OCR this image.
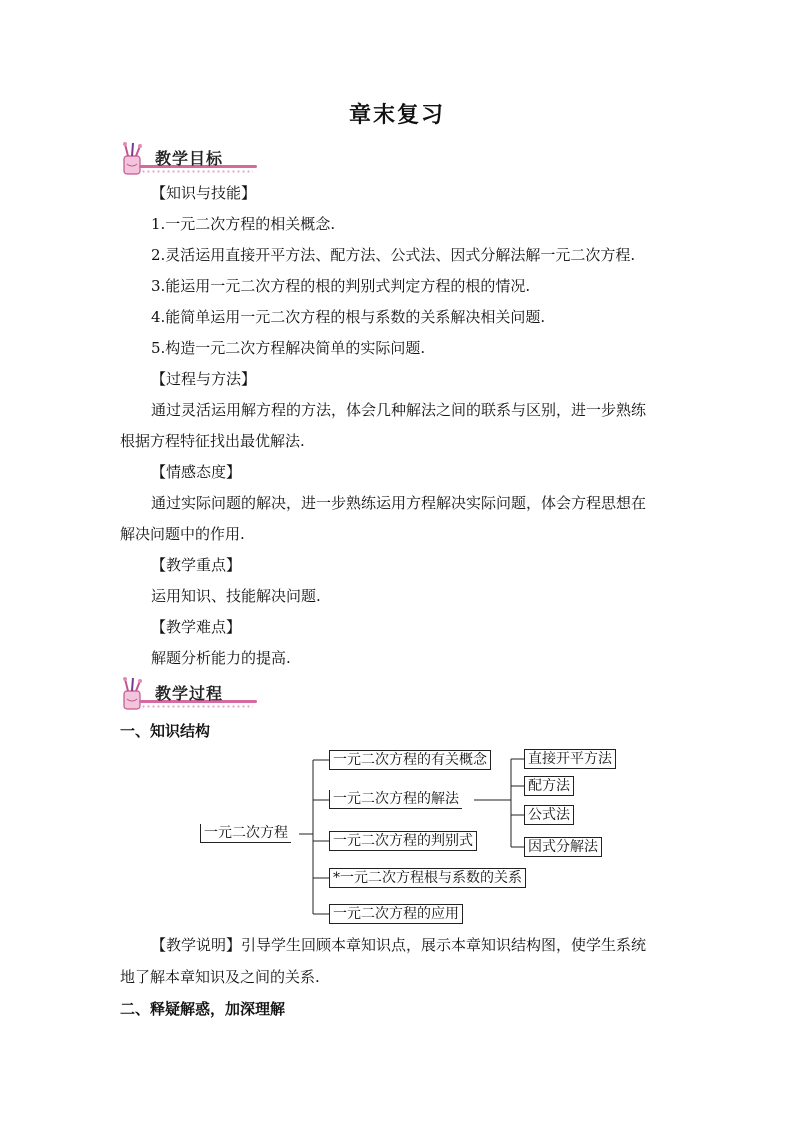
章末复习
教学目标
【知识与技能】
1.一元二次方程的相关概念.
2.灵活运用直接开平方法、配方法、公式法、因式分解法解一元二次方程.
3.能运用一元二次方程的根的判别式判定方程的根的情况.
4.能简单运用一元二次方程的根与系数的关系解决相关问题.
5.构造一元二次方程解决简单的实际问题.
【过程与方法】
通过灵活运用解方程的方法，体会几种解法之间的联系与区别，进一步熟练
根据方程特征找出最优解法.
【情感态度】
通过实际问题的解决，进一步熟练运用方程解决实际问题，体会方程思想在
解决问题中的作用.
【教学重点】
运用知识、技能解决问题.
【教学难点】
解题分析能力的提高.
教学过程
一、知识结构
一元二次方程
一元二次方程的有关概念
一元二次方程的解法
一元二次方程的判别式
*一元二次方程根与系数的关系
一元二次方程的应用
直接开平方法
配方法
公式法
因式分解法
【教学说明】引导学生回顾本章知识点，展示本章知识结构图，使学生系统
地了解本章知识及之间的关系.
二、释疑解惑，加深理解
